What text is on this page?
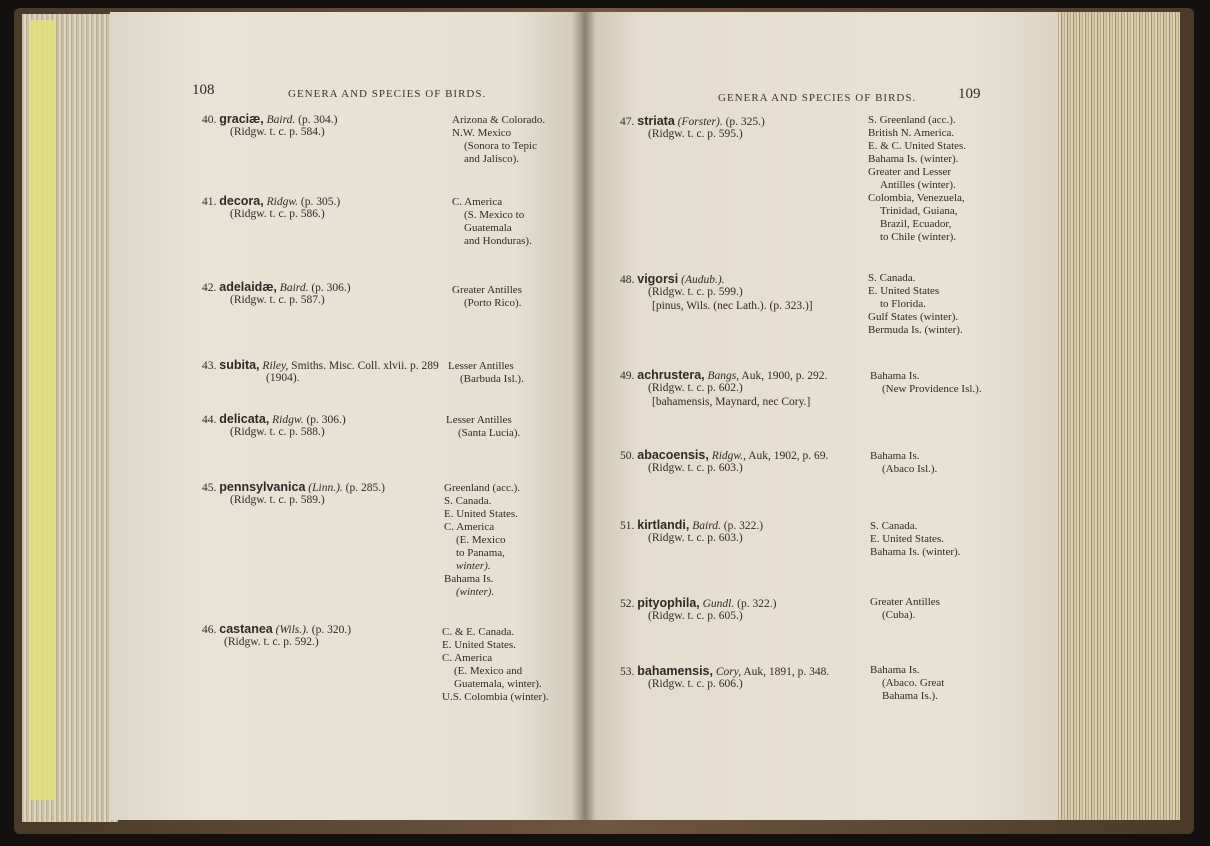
108	GENERA AND SPECIES OF BIRDS.	GENERA AND SPECIES OF BIRDS.	109
40. graciæ, Baird. (p. 304.)
(Ridgw. t. c. p. 584.)
Arizona & Colorado.
N.W. Mexico
(Sonora to Tepic
and Jalisco).
41. decora, Ridgw. (p. 305.)
(Ridgw. t. c. p. 586.)
C. America
(S. Mexico to
Guatemala
and Honduras).
42. adelaidæ, Baird. (p. 306.)
(Ridgw. t. c. p. 587.)
Greater Antilles
(Porto Rico).
43. subita, Riley, Smiths. Misc. Coll. xlvii. p. 289
(1904).
Lesser Antilles
(Barbuda Isl.).
44. delicata, Ridgw. (p. 306.)
(Ridgw. t. c. p. 588.)
Lesser Antilles
(Santa Lucia).
45. pennsylvanica (Linn.). (p. 285.)
(Ridgw. t. c. p. 589.)
Greenland (acc.).
S. Canada.
E. United States.
C. America
(E. Mexico
to Panama,
winter).
Bahama Is.
(winter).
46. castanea (Wils.). (p. 320.)
(Ridgw. t. c. p. 592.)
C. & E. Canada.
E. United States.
C. America
(E. Mexico and
Guatemala, winter).
U.S. Colombia (winter).
47. striata (Forster). (p. 325.)
(Ridgw. t. c. p. 595.)
S. Greenland (acc.).
British N. America.
E. & C. United States.
Bahama Is. (winter).
Greater and Lesser
Antilles (winter).
Colombia, Venezuela,
Trinidad, Guiana,
Brazil, Ecuador,
to Chile (winter).
48. vigorsi (Audub.).
(Ridgw. t. c. p. 599.)
[pinus, Wils. (nec Lath.). (p. 323.)]
S. Canada.
E. United States
to Florida.
Gulf States (winter).
Bermuda Is. (winter).
49. achrustera, Bangs, Auk, 1900, p. 292.
(Ridgw. t. c. p. 602.)
[bahamensis, Maynard, nec Cory.]
Bahama Is.
(New Providence Isl.).
50. abacoensis, Ridgw., Auk, 1902, p. 69.
(Ridgw. t. c. p. 603.)
Bahama Is.
(Abaco Isl.).
51. kirtlandi, Baird. (p. 322.)
(Ridgw. t. c. p. 603.)
S. Canada.
E. United States.
Bahama Is. (winter).
52. pityophila, Gundl. (p. 322.)
(Ridgw. t. c. p. 605.)
Greater Antilles
(Cuba).
53. bahamensis, Cory, Auk, 1891, p. 348.
(Ridgw. t. c. p. 606.)
Bahama Is.
(Abaco. Great
Bahama Is.).
